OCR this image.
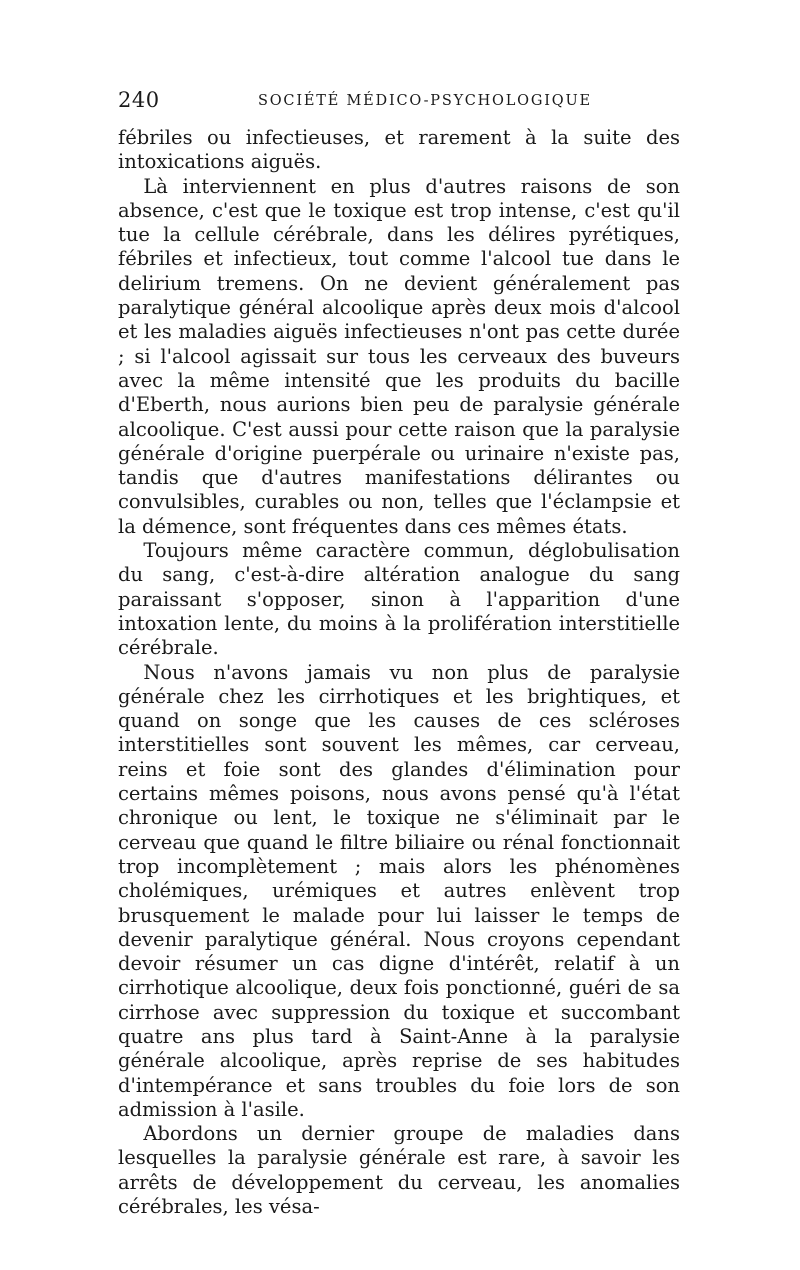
240	SOCIÉTÉ MÉDICO-PSYCHOLOGIQUE

fébriles ou infectieuses, et rarement à la suite des intoxications aiguës.

Là interviennent en plus d'autres raisons de son absence, c'est que le toxique est trop intense, c'est qu'il tue la cellule cérébrale, dans les délires pyrétiques, fébriles et infectieux, tout comme l'alcool tue dans le delirium tremens. On ne devient généralement pas paralytique général alcoolique après deux mois d'alcool et les maladies aiguës infectieuses n'ont pas cette durée ; si l'alcool agissait sur tous les cerveaux des buveurs avec la même intensité que les produits du bacille d'Eberth, nous aurions bien peu de paralysie générale alcoolique. C'est aussi pour cette raison que la paralysie générale d'origine puerpérale ou urinaire n'existe pas, tandis que d'autres manifestations délirantes ou convulsibles, curables ou non, telles que l'éclampsie et la démence, sont fréquentes dans ces mêmes états.

Toujours même caractère commun, déglobulisation du sang, c'est-à-dire altération analogue du sang paraissant s'opposer, sinon à l'apparition d'une intoxation lente, du moins à la prolifération interstitielle cérébrale.

Nous n'avons jamais vu non plus de paralysie générale chez les cirrhotiques et les brightiques, et quand on songe que les causes de ces scléroses interstitielles sont souvent les mêmes, car cerveau, reins et foie sont des glandes d'élimination pour certains mêmes poisons, nous avons pensé qu'à l'état chronique ou lent, le toxique ne s'éliminait par le cerveau que quand le filtre biliaire ou rénal fonctionnait trop incomplètement ; mais alors les phénomènes cholémiques, urémiques et autres enlèvent trop brusquement le malade pour lui laisser le temps de devenir paralytique général. Nous croyons cependant devoir résumer un cas digne d'intérêt, relatif à un cirrhotique alcoolique, deux fois ponctionné, guéri de sa cirrhose avec suppression du toxique et succombant quatre ans plus tard à Saint-Anne à la paralysie générale alcoolique, après reprise de ses habitudes d'intempérance et sans troubles du foie lors de son admission à l'asile.

Abordons un dernier groupe de maladies dans lesquelles la paralysie générale est rare, à savoir les arrêts de développement du cerveau, les anomalies cérébrales, les vésa-
